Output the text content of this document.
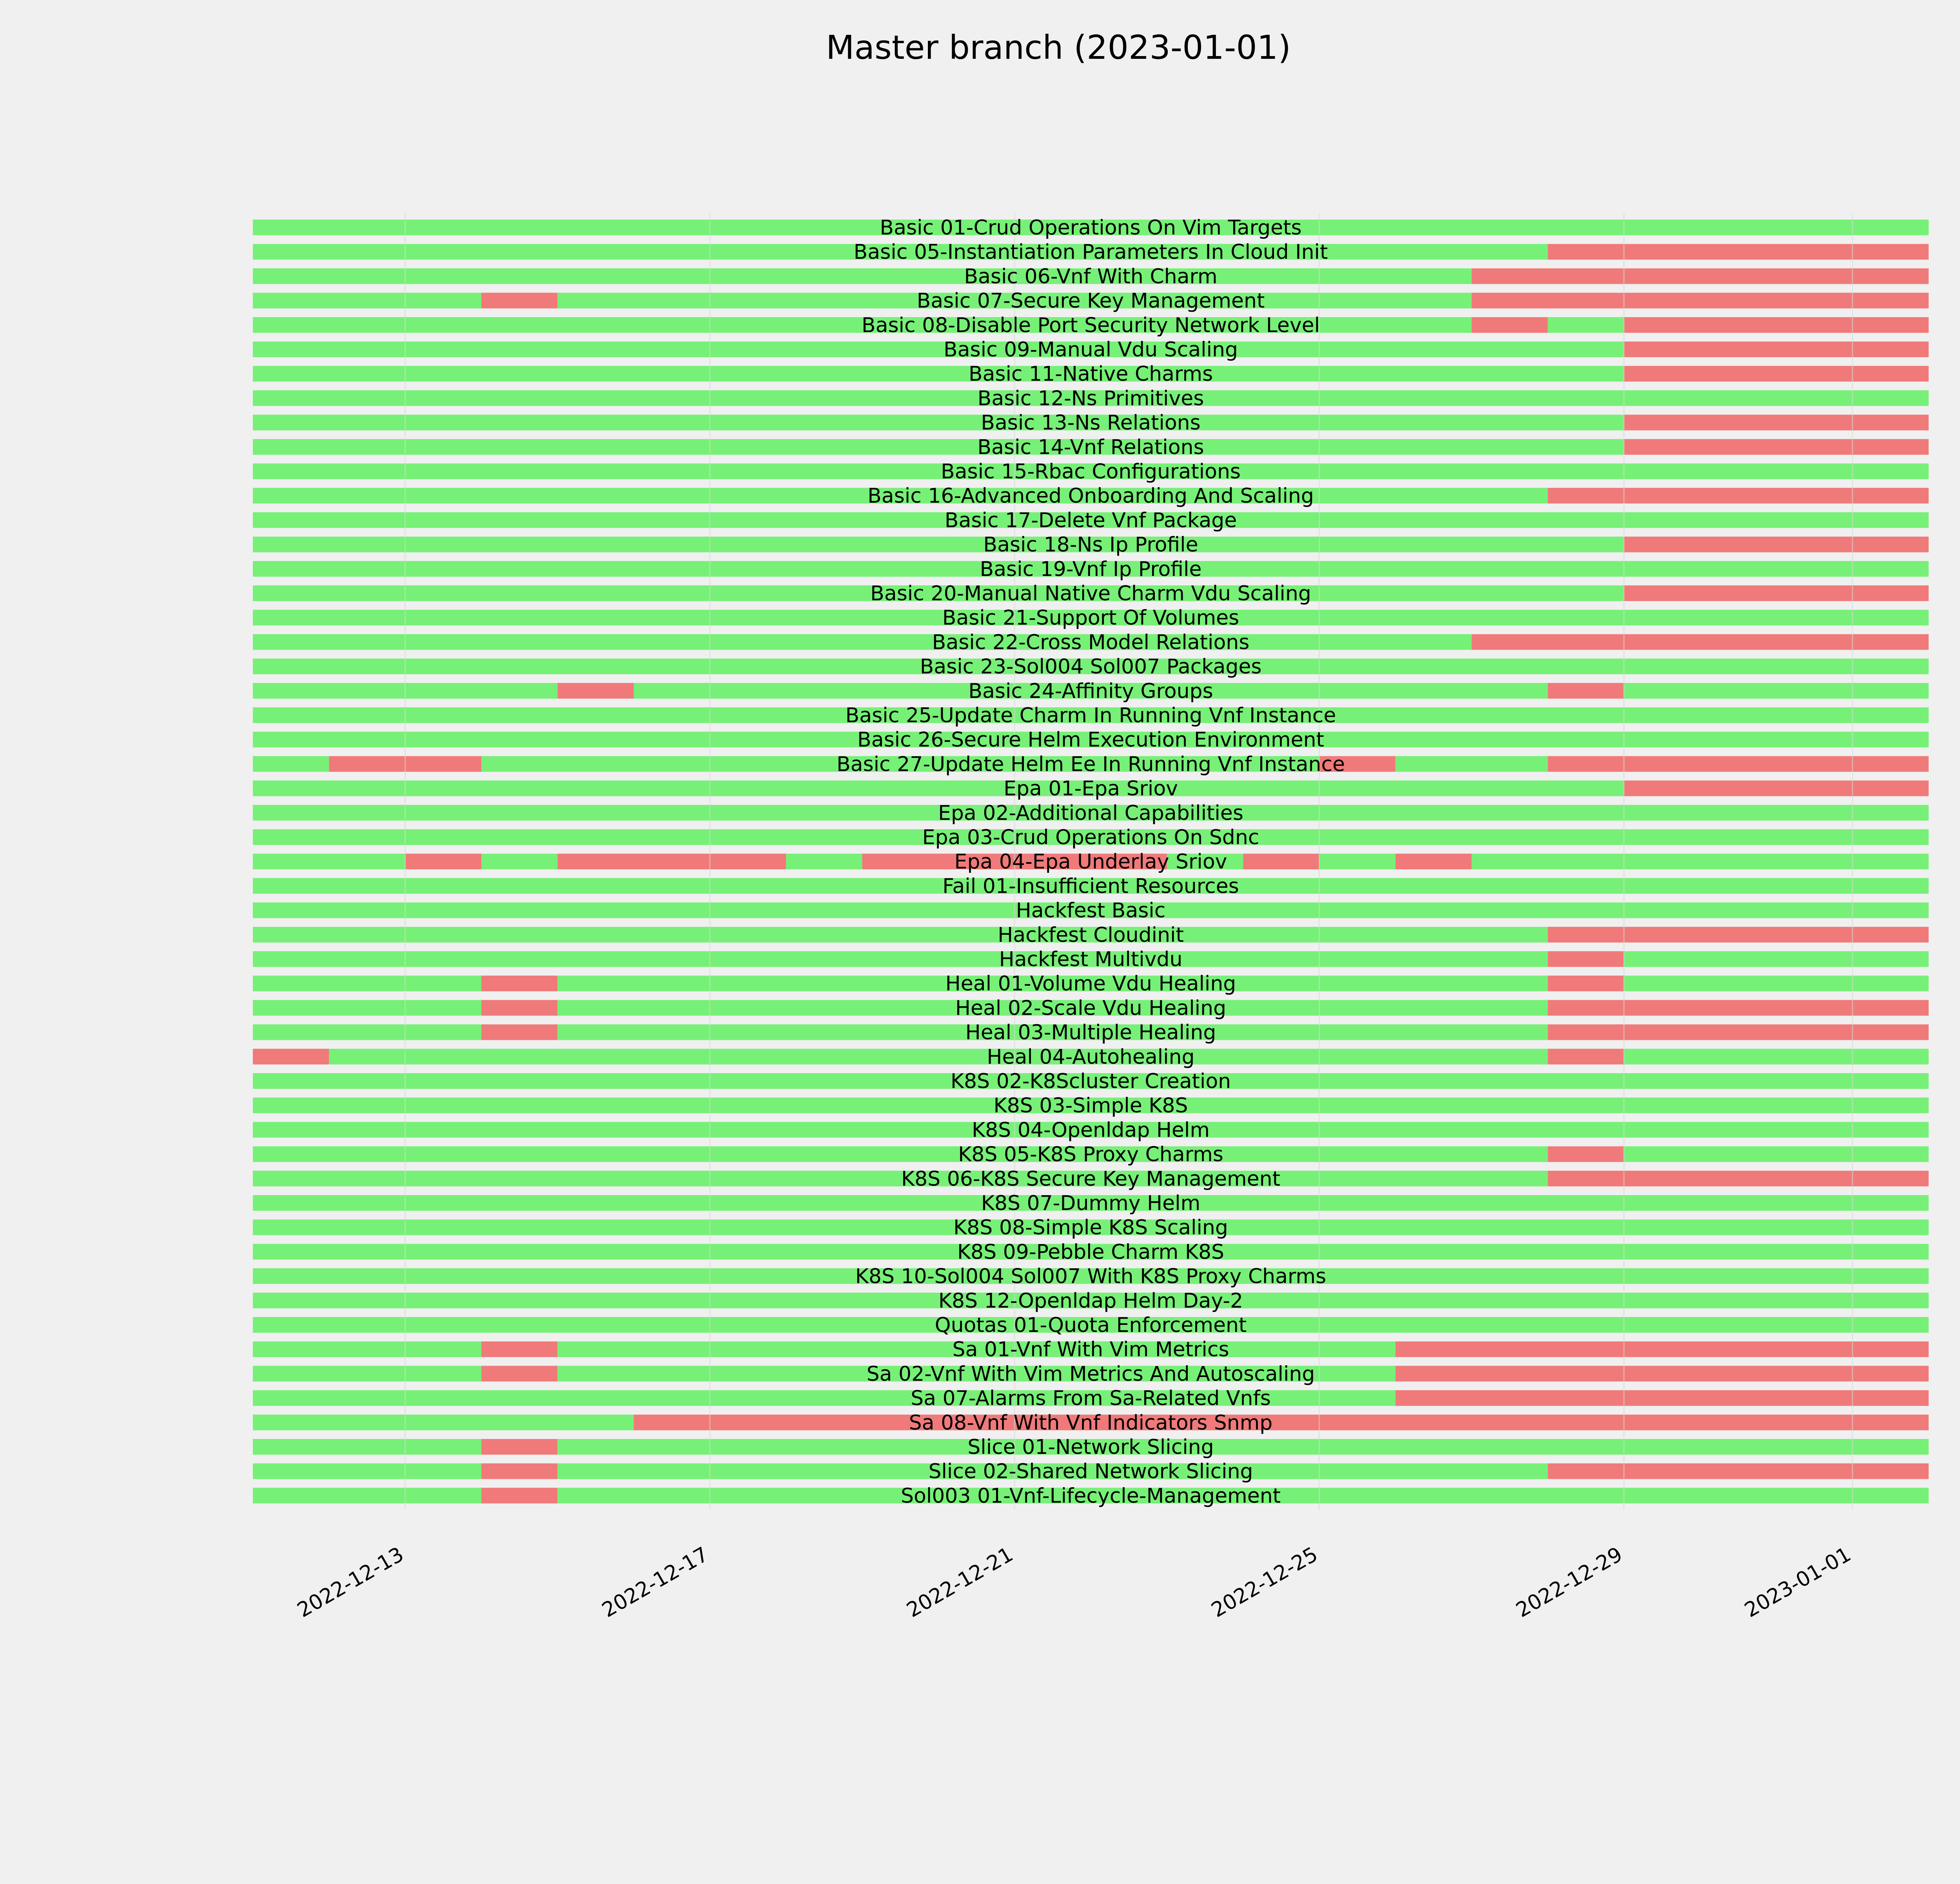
Master branch (2023-01-01)
Basic 01-Crud Operations On Vim Targets
Basic 05-Instantiation Parameters In Cloud Init
Basic 06-Vnf With Charm
Basic 07-Secure Key Management
Basic 08-Disable Port Security Network Level
Basic 09-Manual Vdu Scaling
Basic 11-Native Charms
Basic 12-Ns Primitives
Basic 13-Ns Relations
Basic 14-Vnf Relations
Basic 15-Rbac Configurations
Basic 16-Advanced Onboarding And Scaling
Basic 17-Delete Vnf Package
Basic 18-Ns Ip Profile
Basic 19-Vnf Ip Profile
Basic 20-Manual Native Charm Vdu Scaling
Basic 21-Support Of Volumes
Basic 22-Cross Model Relations
Basic 23-Sol004 Sol007 Packages
Basic 24-Affinity Groups
Basic 25-Update Charm In Running Vnf Instance
Basic 26-Secure Helm Execution Environment
Basic 27-Update Helm Ee In Running Vnf Instance
Epa 01-Epa Sriov
Epa 02-Additional Capabilities
Epa 03-Crud Operations On Sdnc
Epa 04-Epa Underlay Sriov
Fail 01-Insufficient Resources
Hackfest Basic
Hackfest Cloudinit
Hackfest Multivdu
Heal 01-Volume Vdu Healing
Heal 02-Scale Vdu Healing
Heal 03-Multiple Healing
Heal 04-Autohealing
K8S 02-K8Scluster Creation
K8S 03-Simple K8S
K8S 04-Openldap Helm
K8S 05-K8S Proxy Charms
K8S 06-K8S Secure Key Management
K8S 07-Dummy Helm
K8S 08-Simple K8S Scaling
K8S 09-Pebble Charm K8S
K8S 10-Sol004 Sol007 With K8S Proxy Charms
K8S 12-Openldap Helm Day-2
Quotas 01-Quota Enforcement
Sa 01-Vnf With Vim Metrics
Sa 02-Vnf With Vim Metrics And Autoscaling
Sa 07-Alarms From Sa-Related Vnfs
Sa 08-Vnf With Vnf Indicators Snmp
Slice 01-Network Slicing
Slice 02-Shared Network Slicing
Sol003 01-Vnf-Lifecycle-Management
2022-12-13	2022-12-17	2022-12-21	2022-12-25	2022-12-29	2023-01-01
